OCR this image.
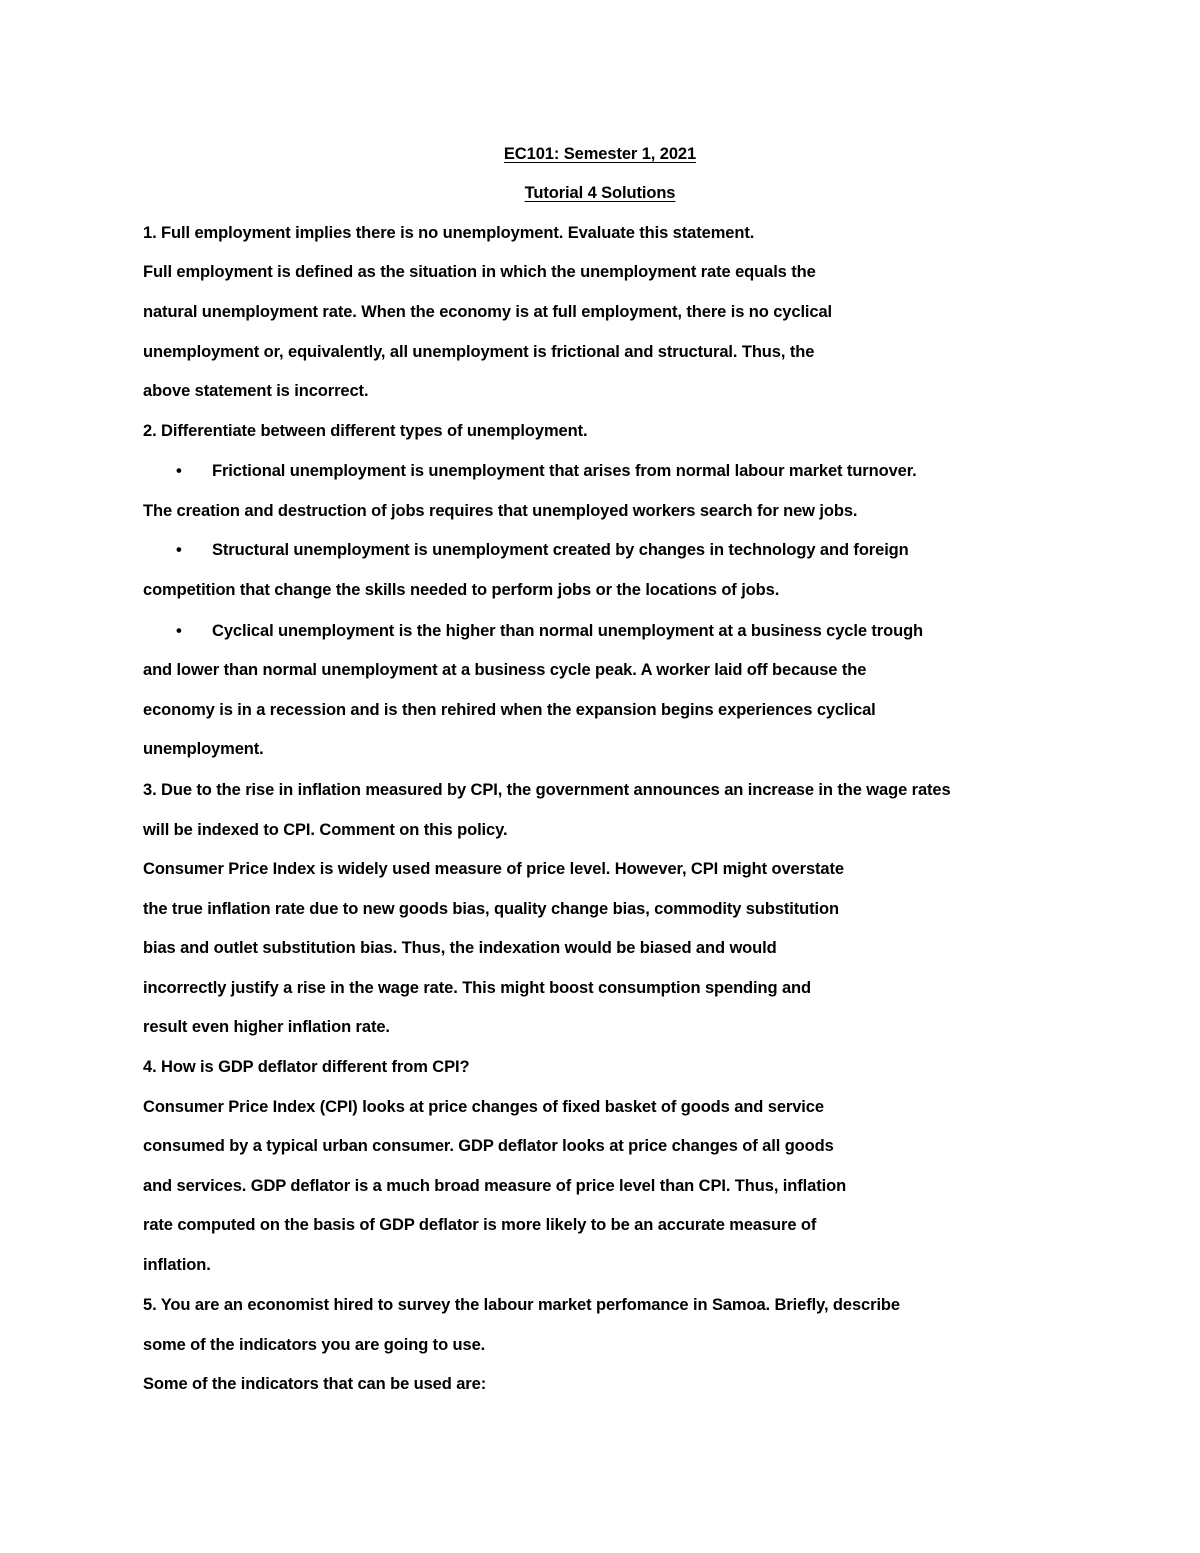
EC101: Semester 1, 2021
Tutorial 4 Solutions
1. Full employment implies there is no unemployment. Evaluate this statement.
Full employment is defined as the situation in which the unemployment rate equals the
natural unemployment rate. When the economy is at full employment, there is no cyclical
unemployment or, equivalently, all unemployment is frictional and structural. Thus, the
above statement is incorrect.
2. Differentiate between different types of unemployment.
• Frictional unemployment is unemployment that arises from normal labour market turnover.
The creation and destruction of jobs requires that unemployed workers search for new jobs.
• Structural unemployment is unemployment created by changes in technology and foreign
competition that change the skills needed to perform jobs or the locations of jobs.
• Cyclical unemployment is the higher than normal unemployment at a business cycle trough
and lower than normal unemployment at a business cycle peak. A worker laid off because the
economy is in a recession and is then rehired when the expansion begins experiences cyclical
unemployment.
3. Due to the rise in inflation measured by CPI, the government announces an increase in the wage rates
will be indexed to CPI. Comment on this policy.
Consumer Price Index is widely used measure of price level. However, CPI might overstate
the true inflation rate due to new goods bias, quality change bias, commodity substitution
bias and outlet substitution bias. Thus, the indexation would be biased and would
incorrectly justify a rise in the wage rate. This might boost consumption spending and
result even higher inflation rate.
4. How is GDP deflator different from CPI?
Consumer Price Index (CPI) looks at price changes of fixed basket of goods and service
consumed by a typical urban consumer. GDP deflator looks at price changes of all goods
and services. GDP deflator is a much broad measure of price level than CPI. Thus, inflation
rate computed on the basis of GDP deflator is more likely to be an accurate measure of
inflation.
5. You are an economist hired to survey the labour market perfomance in Samoa. Briefly, describe
some of the indicators you are going to use.
Some of the indicators that can be used are:
